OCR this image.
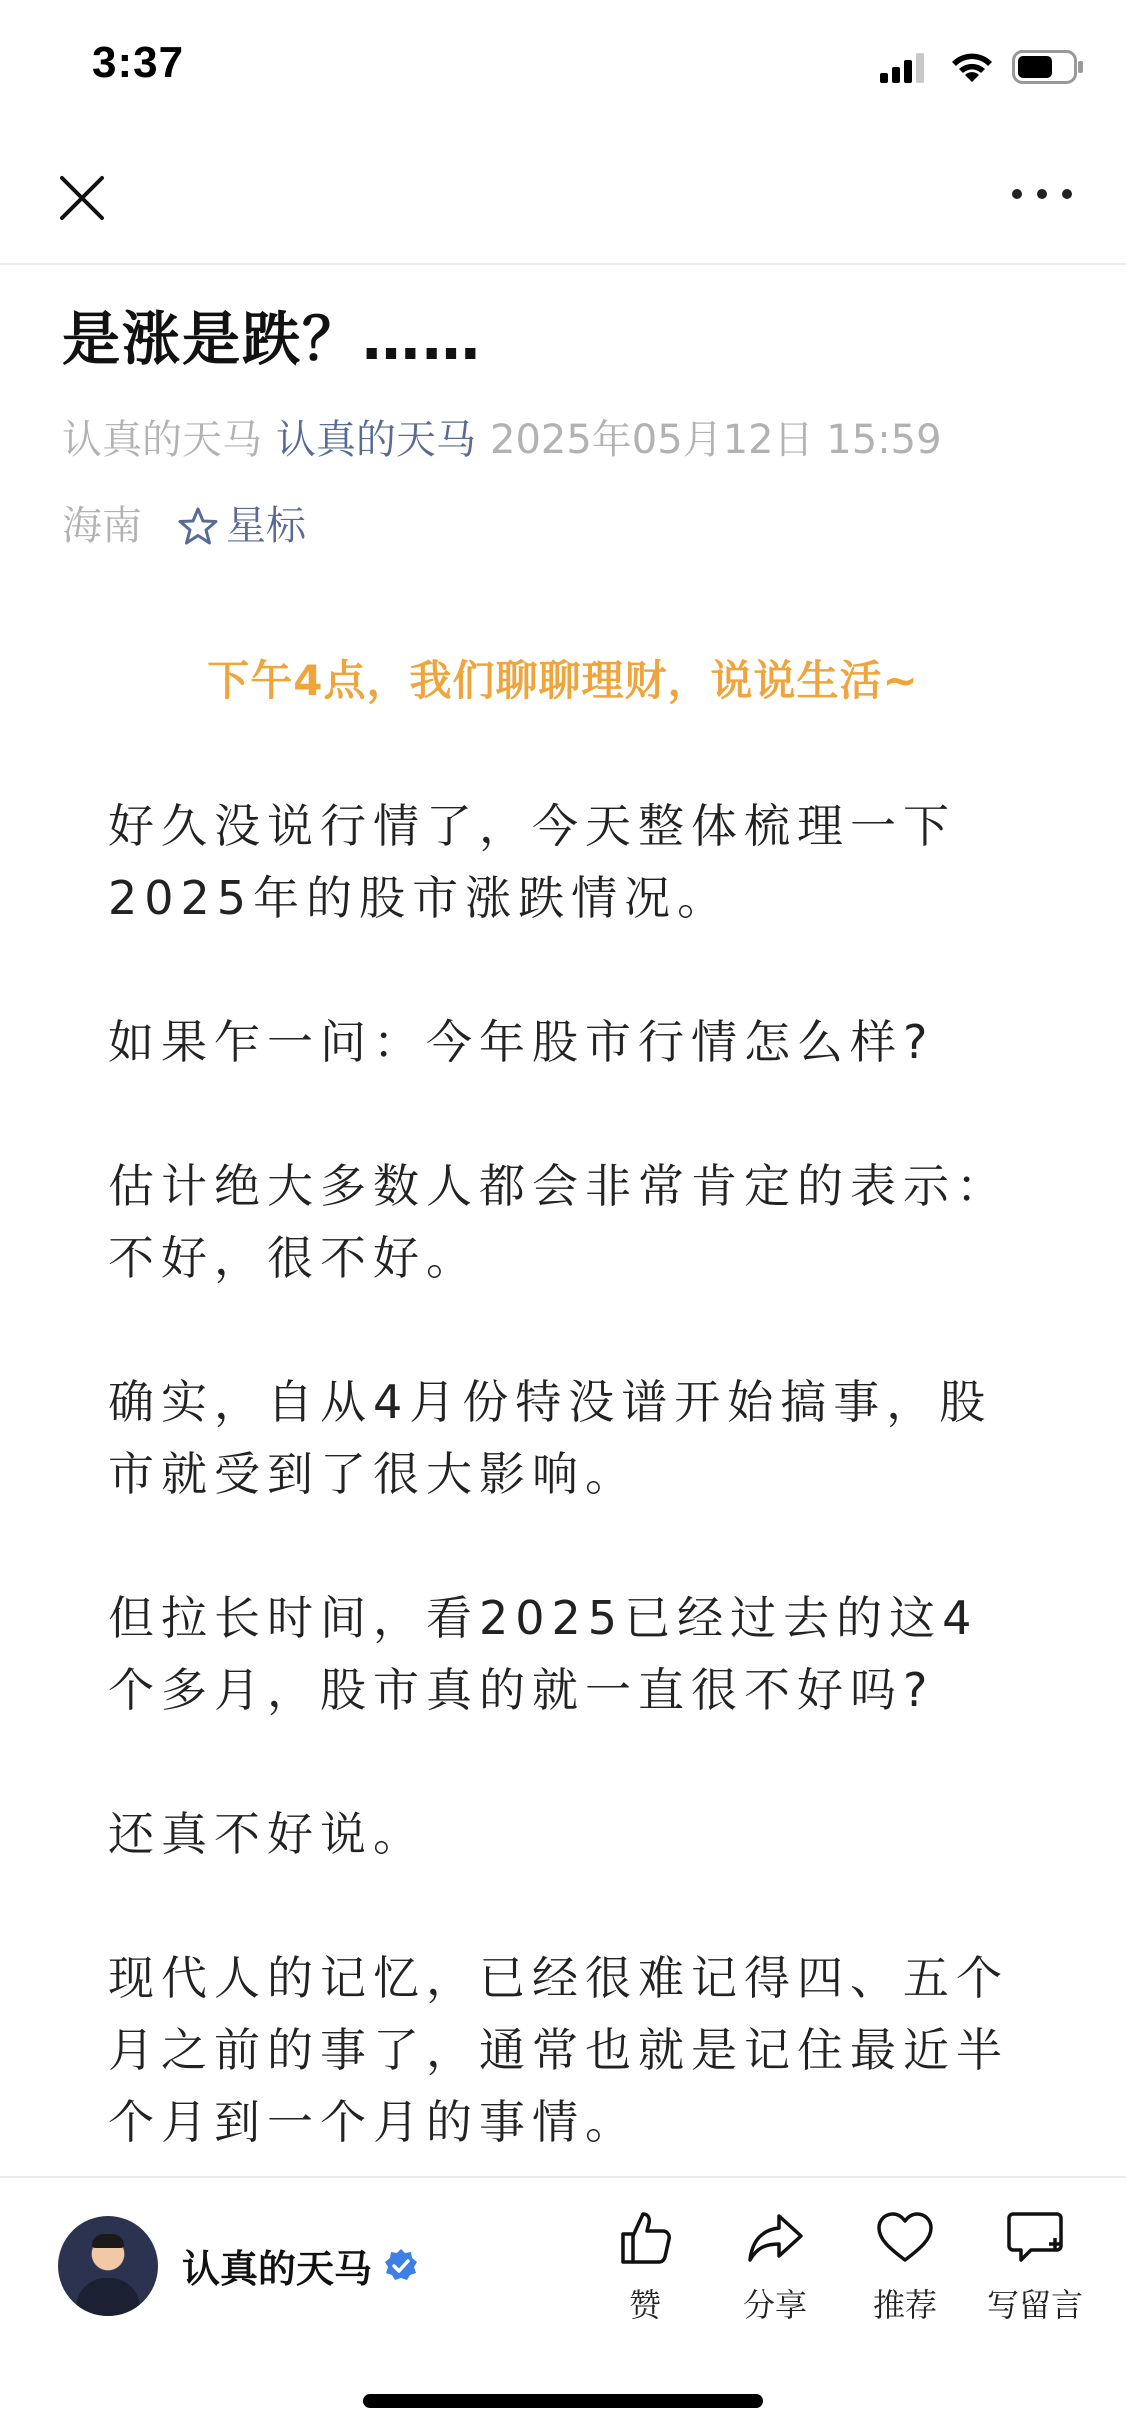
3:37
是涨是跌？……
认真的天马 认真的天马 2025年05月12日 15:59
海南 星标
下午4点，我们聊聊理财，说说生活~

好久没说行情了，今天整体梳理一下2025年的股市涨跌情况。

如果乍一问：今年股市行情怎么样?

估计绝大多数人都会非常肯定的表示：不好，很不好。

确实，自从4月份特没谱开始搞事，股市就受到了很大影响。

但拉长时间，看2025已经过去的这4个多月，股市真的就一直很不好吗?

还真不好说。

现代人的记忆，已经很难记得四、五个月之前的事了，通常也就是记住最近半个月到一个月的事情。

认真的天马
赞	分享 推荐 写留言
